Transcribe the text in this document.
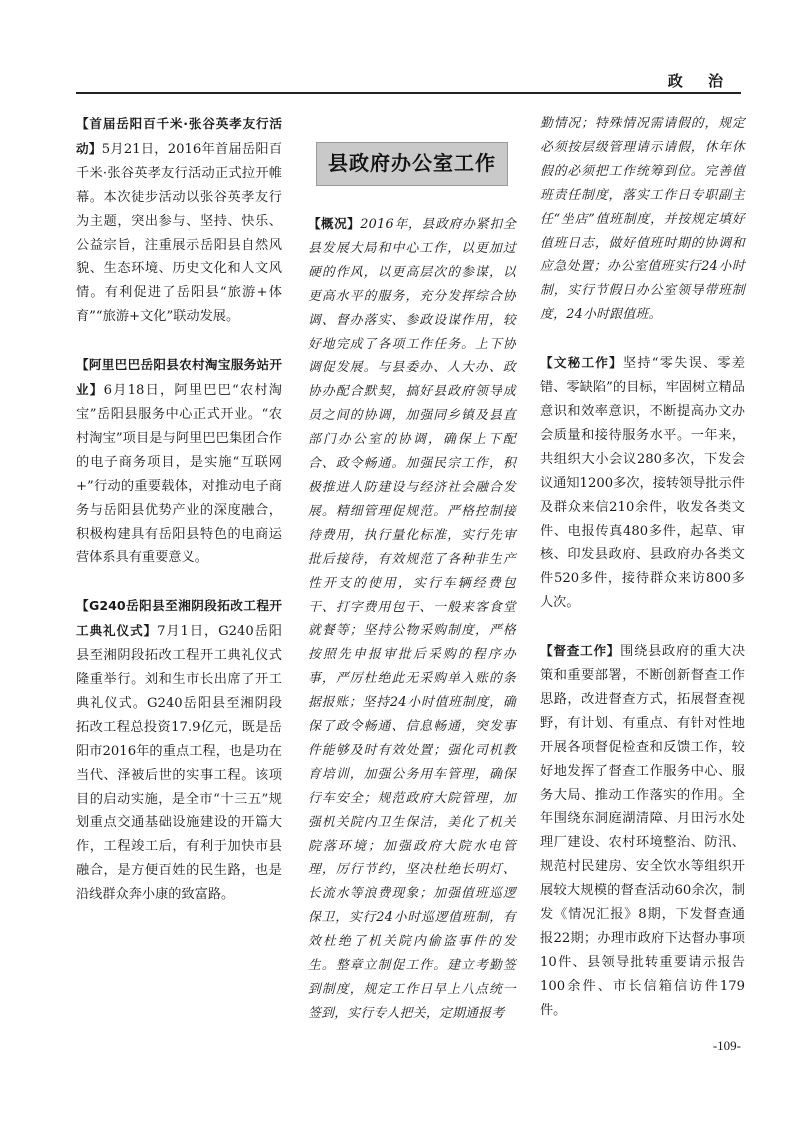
政 治
【首届岳阳百千米·张谷英孝友行活动】5月21日，2016年首届岳阳百千米·张谷英孝友行活动正式拉开帷幕。本次徒步活动以张谷英孝友行为主题，突出参与、坚持、快乐、公益宗旨，注重展示岳阳县自然风貌、生态环境、历史文化和人文风情。有利促进了岳阳县“旅游+体育”“旅游+文化”联动发展。
【阿里巴巴岳阳县农村淘宝服务站开业】6月18日，阿里巴巴“农村淘宝”岳阳县服务中心正式开业。“农村淘宝”项目是与阿里巴巴集团合作的电子商务项目，是实施“互联网+”行动的重要载体，对推动电子商务与岳阳县优势产业的深度融合，积极构建具有岳阳县特色的电商运营体系具有重要意义。
【G240岳阳县至湘阴段拓改工程开工典礼仪式】7月1日，G240岳阳县至湘阴段拓改工程开工典礼仪式隆重举行。刘和生市长出席了开工典礼仪式。G240岳阳县至湘阴段拓改工程总投资17.9亿元，既是岳阳市2016年的重点工程，也是功在当代、泽被后世的实事工程。该项目的启动实施，是全市“十三五”规划重点交通基础设施建设的开篇大作，工程竣工后，有利于加快市县融合，是方便百姓的民生路，也是沿线群众奔小康的致富路。
县政府办公室工作
【概况】2016年，县政府办紧扣全县发展大局和中心工作，以更加过硬的作风，以更高层次的参谋，以更高水平的服务，充分发挥综合协调、督办落实、参政设谋作用，较好地完成了各项工作任务。上下协调促发展。与县委办、人大办、政协办配合默契，搞好县政府领导成员之间的协调，加强同乡镇及县直部门办公室的协调，确保上下配合、政令畅通。加强民宗工作，积极推进人防建设与经济社会融合发展。精细管理促规范。严格控制接待费用，执行量化标准，实行先审批后接待，有效规范了各种非生产性开支的使用，实行车辆经费包干、打字费用包干、一般来客食堂就餐等；坚持公物采购制度，严格按照先申报审批后采购的程序办事，严厉杜绝此无采购单入账的条据报账；坚持24小时值班制度，确保了政令畅通、信息畅通，突发事件能够及时有效处置；强化司机教育培训，加强公务用车管理，确保行车安全；规范政府大院管理，加强机关院内卫生保洁，美化了机关院落环境；加强政府大院水电管理，厉行节约，坚决杜绝长明灯、长流水等浪费现象；加强值班巡逻保卫，实行24小时巡逻值班制，有效杜绝了机关院内偷盗事件的发生。整章立制促工作。建立考勤签到制度，规定工作日早上八点统一签到，实行专人把关，定期通报考
勤情况；特殊情况需请假的，规定必须按层级管理请示请假，休年休假的必须把工作统筹到位。完善值班责任制度，落实工作日专职副主任“坐店”值班制度，并按规定填好值班日志，做好值班时期的协调和应急处置；办公室值班实行24小时制，实行节假日办公室领导带班制度，24小时跟值班。
【文秘工作】坚持“零失误、零差错、零缺陷”的目标，牢固树立精品意识和效率意识，不断提高办文办会质量和接待服务水平。一年来，共组织大小会议280多次，下发会议通知1200多次，接转领导批示件及群众来信210余件，收发各类文件、电报传真480多件，起草、审核、印发县政府、县政府办各类文件520多件，接待群众来访800多人次。
【督查工作】围绕县政府的重大决策和重要部署，不断创新督查工作思路，改进督查方式，拓展督查视野，有计划、有重点、有针对性地开展各项督促检查和反馈工作，较好地发挥了督查工作服务中心、服务大局、推动工作落实的作用。全年围绕东洞庭湖清障、月田污水处理厂建设、农村环境整治、防汛、规范村民建房、安全饮水等组织开展较大规模的督查活动60余次，制发《情况汇报》8期，下发督查通报22期；办理市政府下达督办事项10件、县领导批转重要请示报告100余件、市长信箱信访件179件。
-109-
